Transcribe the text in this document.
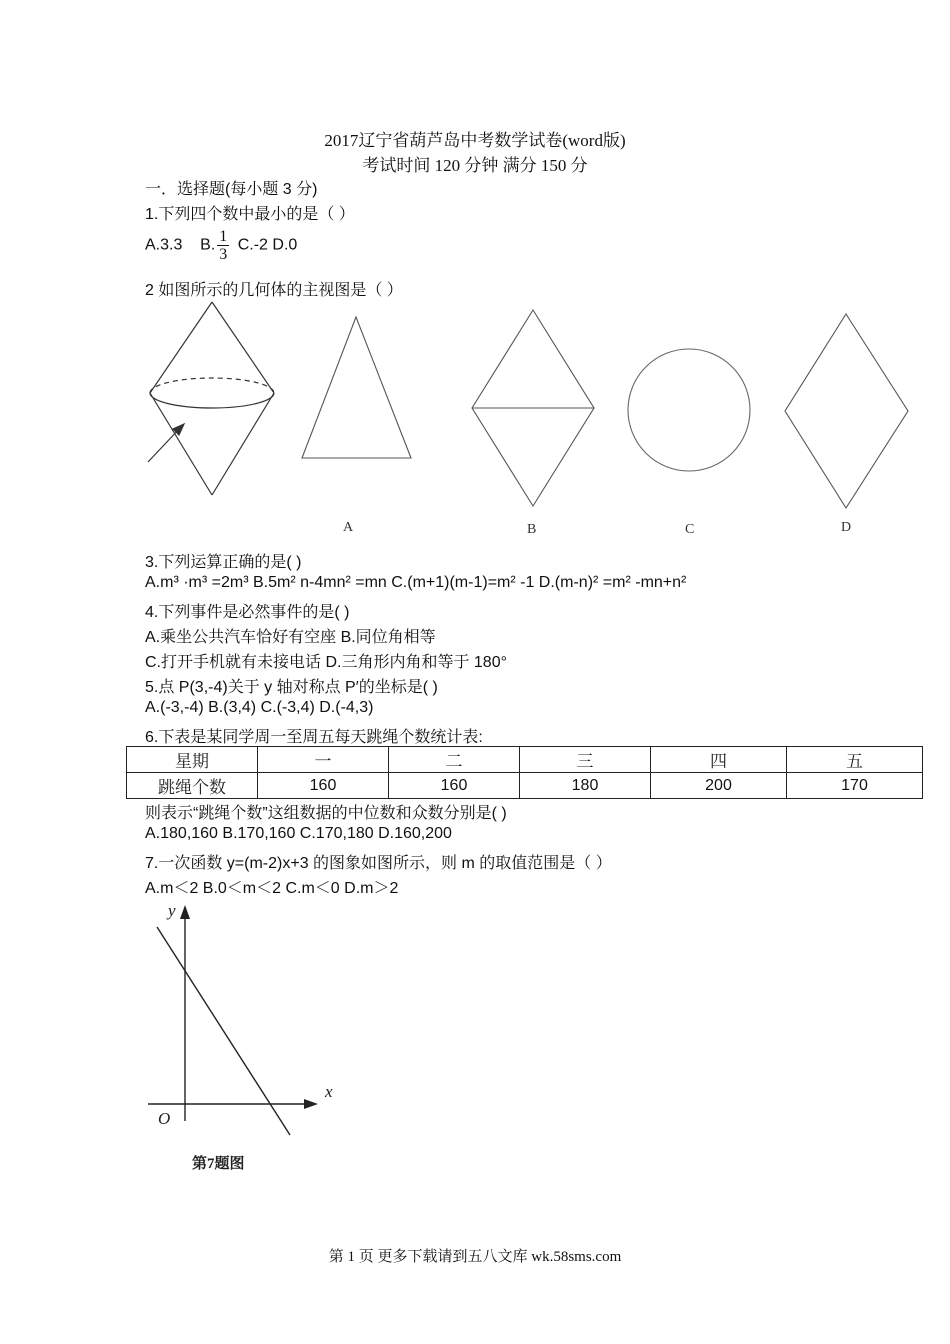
2017辽宁省葫芦岛中考数学试卷(word版)
考试时间 120 分钟 满分 150 分
一．选择题(每小题 3 分)
1.下列四个数中最小的是（ ）
A.3.3 B. $\frac{1}{3} C.-2$ D.0
2 如图所示的几何体的主视图是（ ）
A	B	C	D
3.下列运算正确的是( )
A.m³ ·m³ =2m³ B.5m² n-4mn² =mn C.(m+1)(m-1)=m² -1 D.(m-n)² =m² -mn+n²
4.下列事件是必然事件的是( )
A.乘坐公共汽车恰好有空座 B.同位角相等
C.打开手机就有未接电话 D.三角形内角和等于 180°
5.点 P(3,-4)关于 y 轴对称点 P′的坐标是( )
A.(-3,-4) B.(3,4) C.(-3,4) D.(-4,3)
6.下表是某同学周一至周五每天跳绳个数统计表:
星期	一	二	三	四	五
跳绳个数	160	160	180	200	170
则表示“跳绳个数”这组数据的中位数和众数分别是( )
A.180,160 B.170,160 C.170,180 D.160,200
7.一次函数 y=(m-2)x+3 的图象如图所示，则 m 的取值范围是（ ）
A.m＜2 B.0＜m＜2 C.m＜0 D.m＞2
y
x
O
第7题图
第 1 页 更多下载请到五八文库 wk.58sms.com
